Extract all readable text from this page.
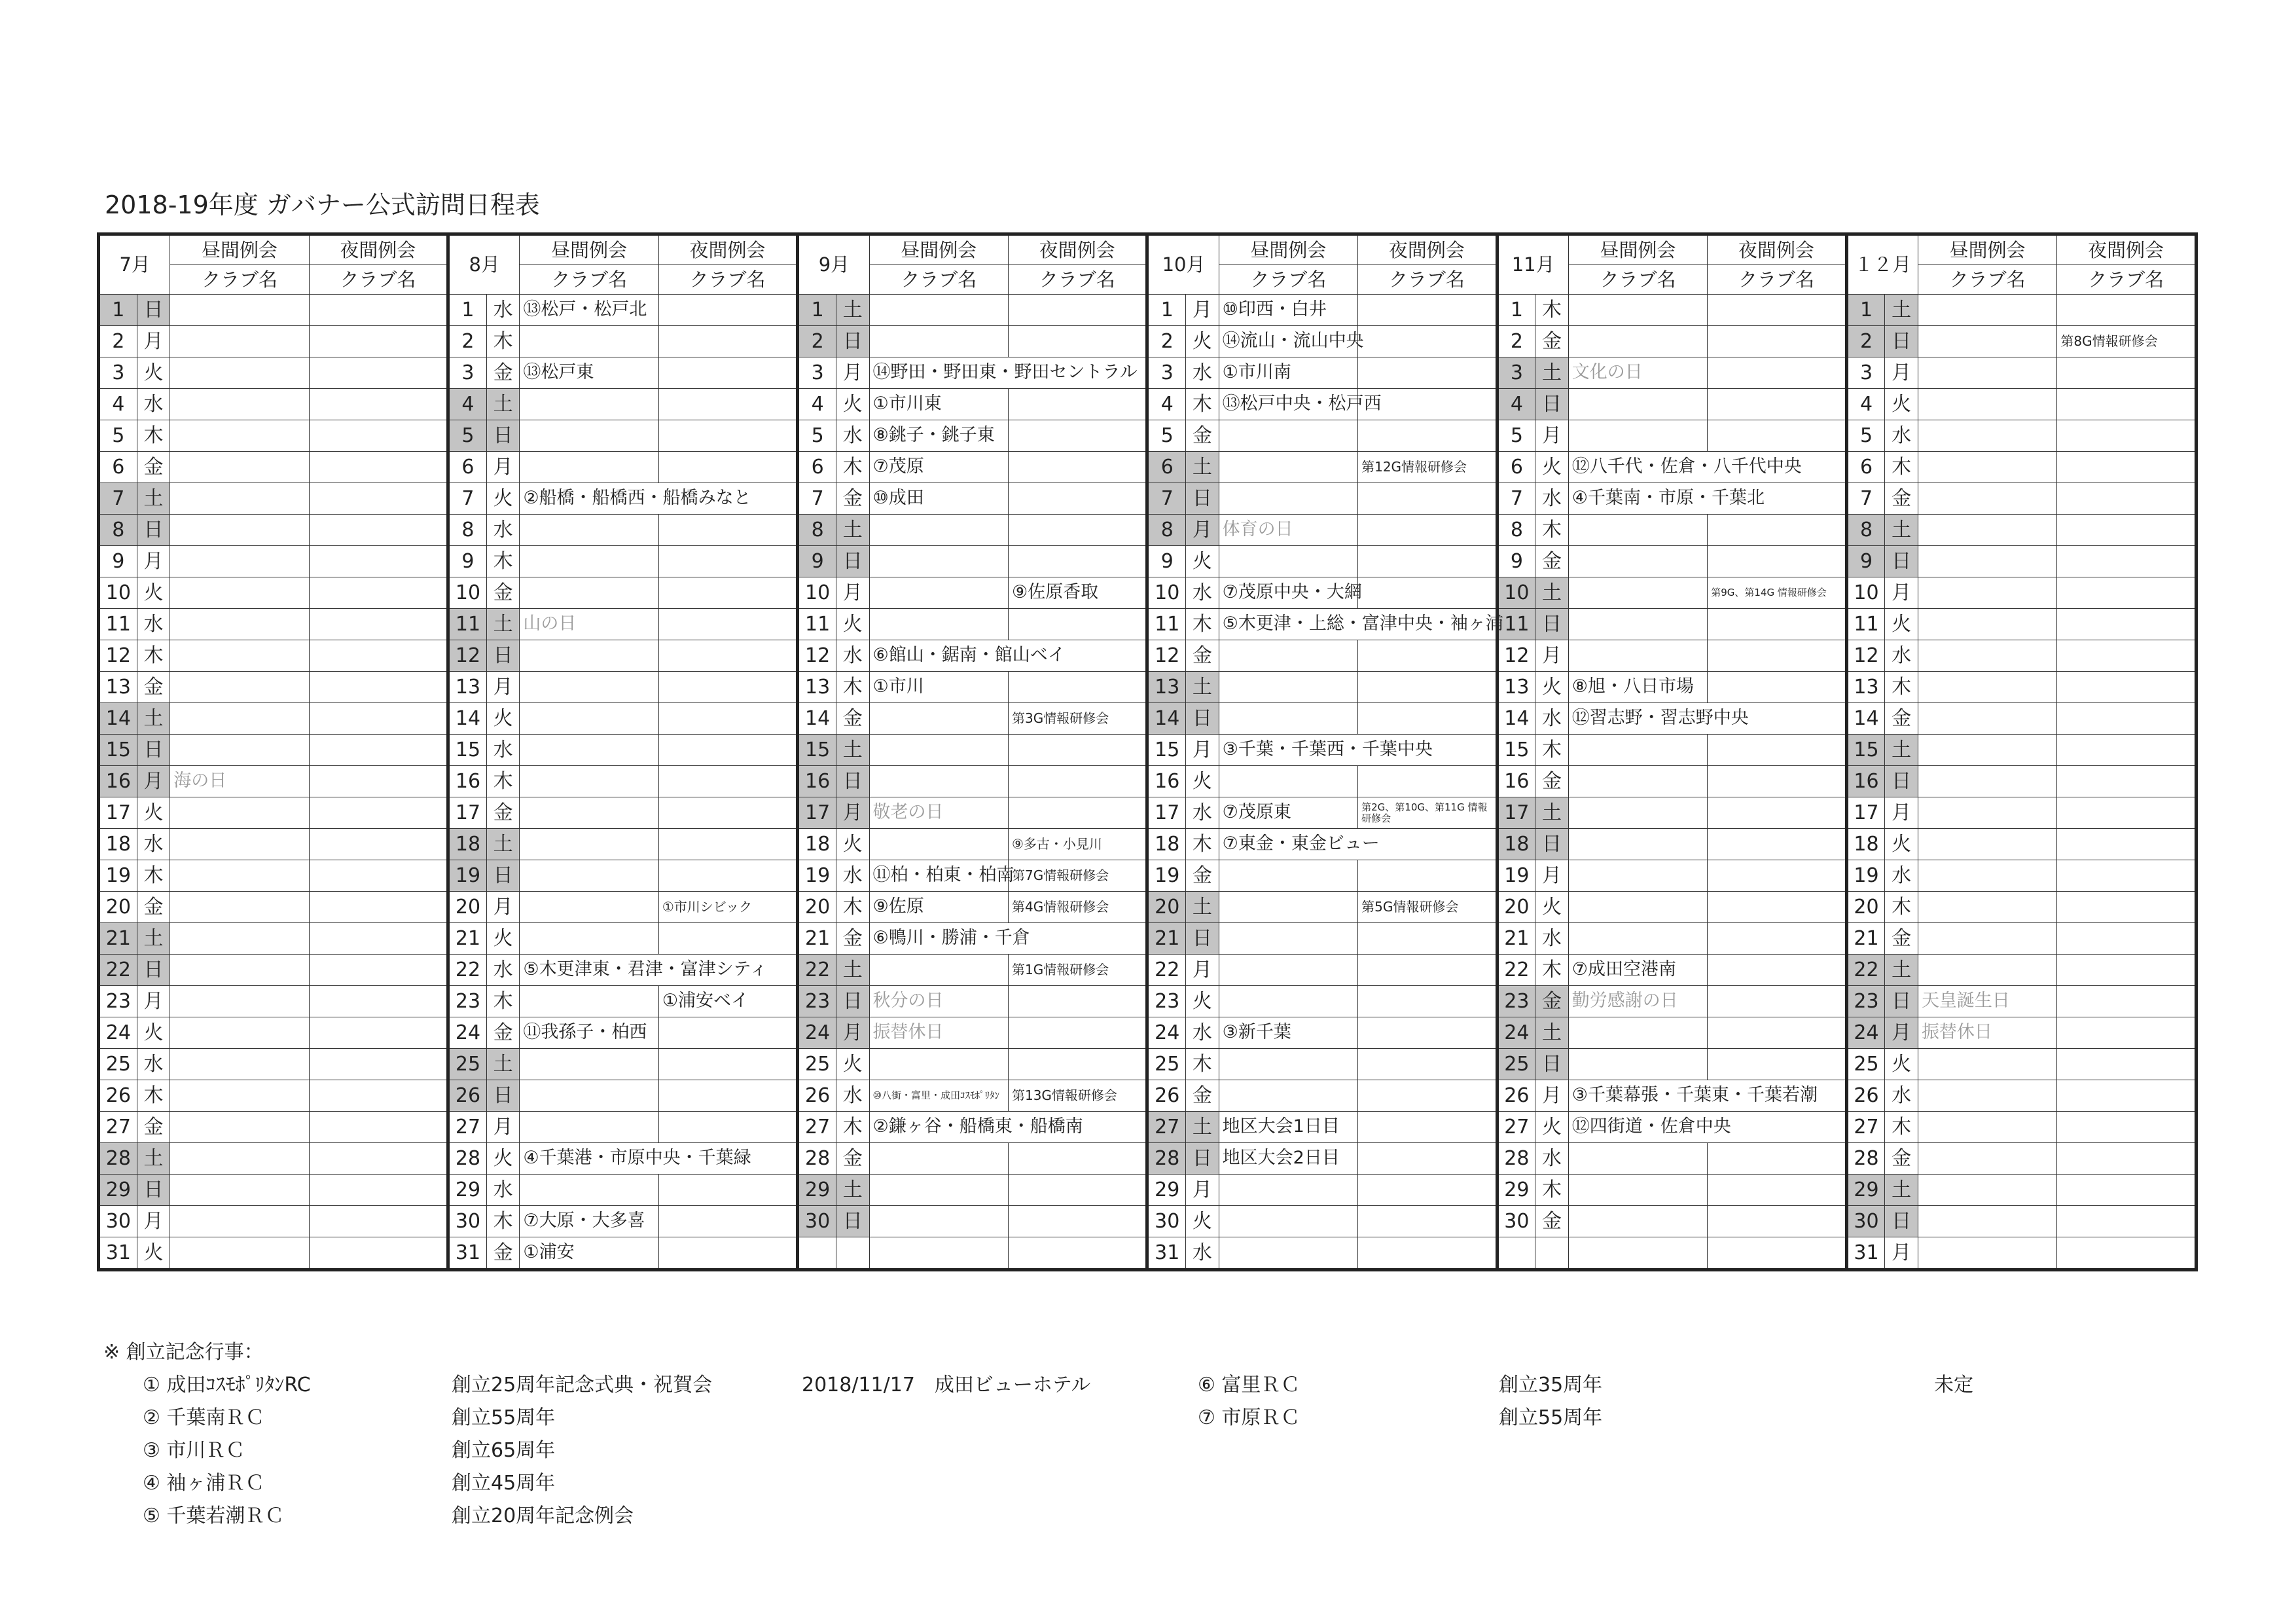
2018-19年度 ガバナー公式訪問日程表
7月		昼間例会	夜間例会	8月		昼間例会	夜間例会	9月		昼間例会	夜間例会	10月		昼間例会	夜間例会	11月		昼間例会	夜間例会	１２月		昼間例会	夜間例会
		クラブ名	クラブ名			クラブ名	クラブ名			クラブ名	クラブ名			クラブ名	クラブ名			クラブ名	クラブ名			クラブ名	クラブ名
1	日			1	水	⑬松戸・松戸北		1	土			1	月	⑩印西・白井		1	木			1	土		
2	月			2	木			2	日			2	火	⑭流山・流山中央		2	金			2	日		第8G情報研修会
3	火			3	金	⑬松戸東		3	月	⑭野田・野田東・野田セントラル		3	水	①市川南		3	土	文化の日		3	月		
4	水			4	土			4	火	①市川東		4	木	⑬松戸中央・松戸西		4	日			4	火		
5	木			5	日			5	水	⑧銚子・銚子東		5	金			5	月			5	水		
6	金			6	月			6	木	⑦茂原		6	土		第12G情報研修会	6	火	⑫八千代・佐倉・八千代中央		6	木		
7	土			7	火	②船橋・船橋西・船橋みなと		7	金	⑩成田		7	日			7	水	④千葉南・市原・千葉北		7	金		
8	日			8	水			8	土			8	月	体育の日		8	木			8	土		
9	月			9	木			9	日			9	火			9	金			9	日		
10	火			10	金			10	月		⑨佐原香取	10	水	⑦茂原中央・大網		10	土		第9G、第14G 情報研修会	10	月		
11	水			11	土	山の日		11	火			11	木	⑤木更津・上総・富津中央・袖ヶ浦		11	日			11	火		
12	木			12	日			12	水	⑥館山・鋸南・館山ベイ		12	金			12	月			12	水		
13	金			13	月			13	木	①市川		13	土			13	火	⑧旭・八日市場		13	木		
14	土			14	火			14	金		第3G情報研修会	14	日			14	水	⑫習志野・習志野中央		14	金		
15	日			15	水			15	土			15	月	③千葉・千葉西・千葉中央		15	木			15	土		
16	月	海の日		16	木			16	日			16	火			16	金			16	日		
17	火			17	金			17	月	敬老の日		17	水	⑦茂原東	第2G、第10G、第11G 情報研修会	17	土			17	月		
18	水			18	土			18	火		⑨多古・小見川	18	木	⑦東金・東金ビュー		18	日			18	火		
19	木			19	日			19	水	⑪柏・柏東・柏南	第7G情報研修会	19	金			19	月			19	水		
20	金			20	月		①市川シビック	20	木	⑨佐原	第4G情報研修会	20	土		第5G情報研修会	20	火			20	木		
21	土			21	火			21	金	⑥鴨川・勝浦・千倉		21	日			21	水			21	金		
22	日			22	水	⑤木更津東・君津・富津シティ		22	土		第1G情報研修会	22	月			22	木	⑦成田空港南		22	土		
23	月			23	木		①浦安ベイ	23	日	秋分の日		23	火			23	金	勤労感謝の日		23	日	天皇誕生日	
24	火			24	金	⑪我孫子・柏西		24	月	振替休日		24	水	③新千葉		24	土			24	月	振替休日	
25	水			25	土			25	火			25	木			25	日			25	火		
26	木			26	日			26	水	⑩八街・富里・成田ｺｽﾓﾎﾟﾘﾀﾝ	第13G情報研修会	26	金			26	月	③千葉幕張・千葉東・千葉若潮		26	水		
27	金			27	月			27	木	②鎌ヶ谷・船橋東・船橋南		27	土	地区大会1日目		27	火	⑫四街道・佐倉中央		27	木		
28	土			28	火	④千葉港・市原中央・千葉緑		28	金			28	日	地区大会2日目		28	水			28	金		
29	日			29	水			29	土			29	月			29	木			29	土		
30	月			30	木	⑦大原・大多喜		30	日			30	火			30	金			30	日		
31	火			31	金	①浦安						31	水							31	月		
※ 創立記念行事：
① 成田ｺｽﾓﾎﾟﾘﾀﾝRC	創立25周年記念式典・祝賀会	2018/11/17　成田ビューホテル
② 千葉南ＲＣ	創立55周年
③ 市川ＲＣ	創立65周年
④ 袖ヶ浦ＲＣ	創立45周年
⑤ 千葉若潮ＲＣ	創立20周年記念例会
⑥ 富里ＲＣ	創立35周年	未定
⑦ 市原ＲＣ	創立55周年
